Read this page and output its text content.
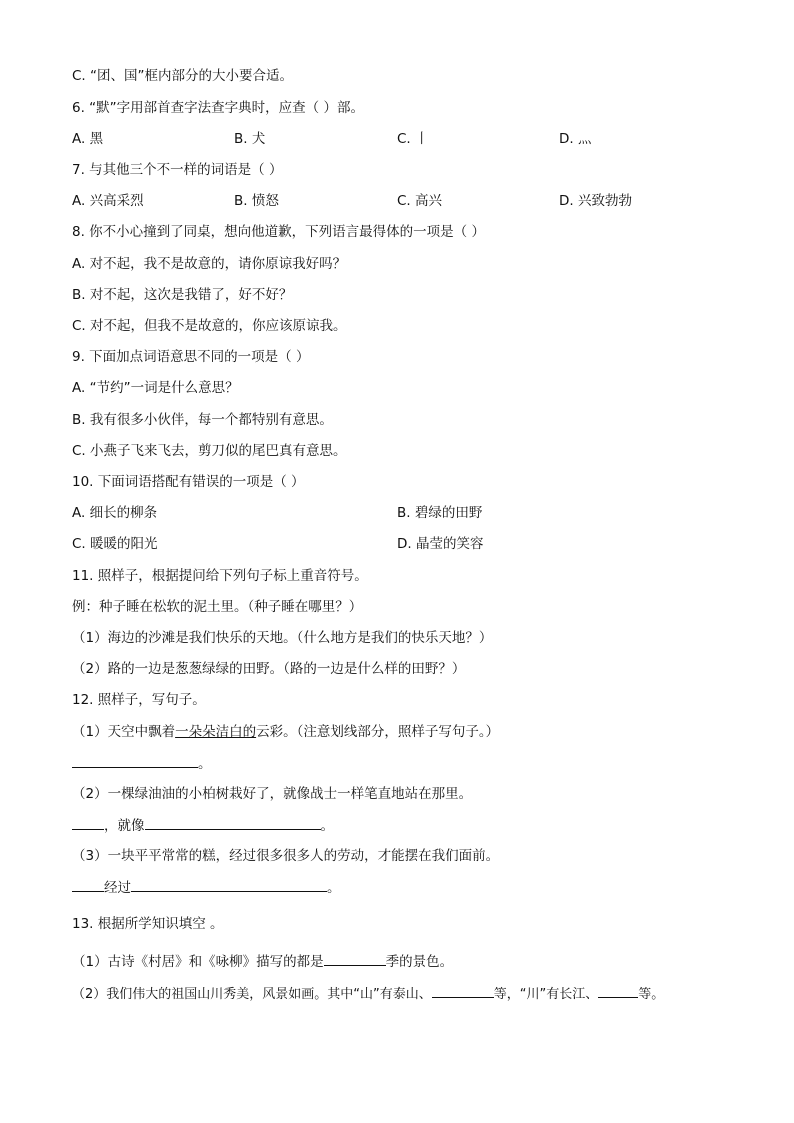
C. “团、国”框内部分的大小要合适。
6. “默”字用部首查字法查字典时，应查（ ）部。
A. 黑	B. 犬	C. 丨	D. 灬
7. 与其他三个不一样的词语是（ ）
A. 兴高采烈	B. 愤怒	C. 高兴	D. 兴致勃勃
8. 你不小心撞到了同桌，想向他道歉，下列语言最得体的一项是（ ）
A. 对不起，我不是故意的，请你原谅我好吗？
B. 对不起，这次是我错了，好不好？
C. 对不起，但我不是故意的，你应该原谅我。
9. 下面加点词语意思不同的一项是（ ）
A. “节约”一词是什么意思？
B. 我有很多小伙伴，每一个都特别有意思。
C. 小燕子飞来飞去，剪刀似的尾巴真有意思。
10. 下面词语搭配有错误的一项是（ ）
A. 细长的柳条	B. 碧绿的田野
C. 暖暖的阳光	D. 晶莹的笑容
11. 照样子，根据提问给下列句子标上重音符号。
例：种子睡在松软的泥土里。（种子睡在哪里？）
（1）海边的沙滩是我们快乐的天地。（什么地方是我们的快乐天地？）
（2）路的一边是葱葱绿绿的田野。（路的一边是什么样的田野？）
12. 照样子，写句子。
（1）天空中飘着一朵朵洁白的云彩。（注意划线部分，照样子写句子。）
。
（2）一棵绿油油的小柏树栽好了，就像战士一样笔直地站在那里。
，就像	。
（3）一块平平常常的糕，经过很多很多人的劳动，才能摆在我们面前。
经过	。
13. 根据所学知识填空 。
（1）古诗《村居》和《咏柳》描写的都是	季的景色。
（2）我们伟大的祖国山川秀美，风景如画。其中“山”有泰山、	等，“川”有长江、	等。
